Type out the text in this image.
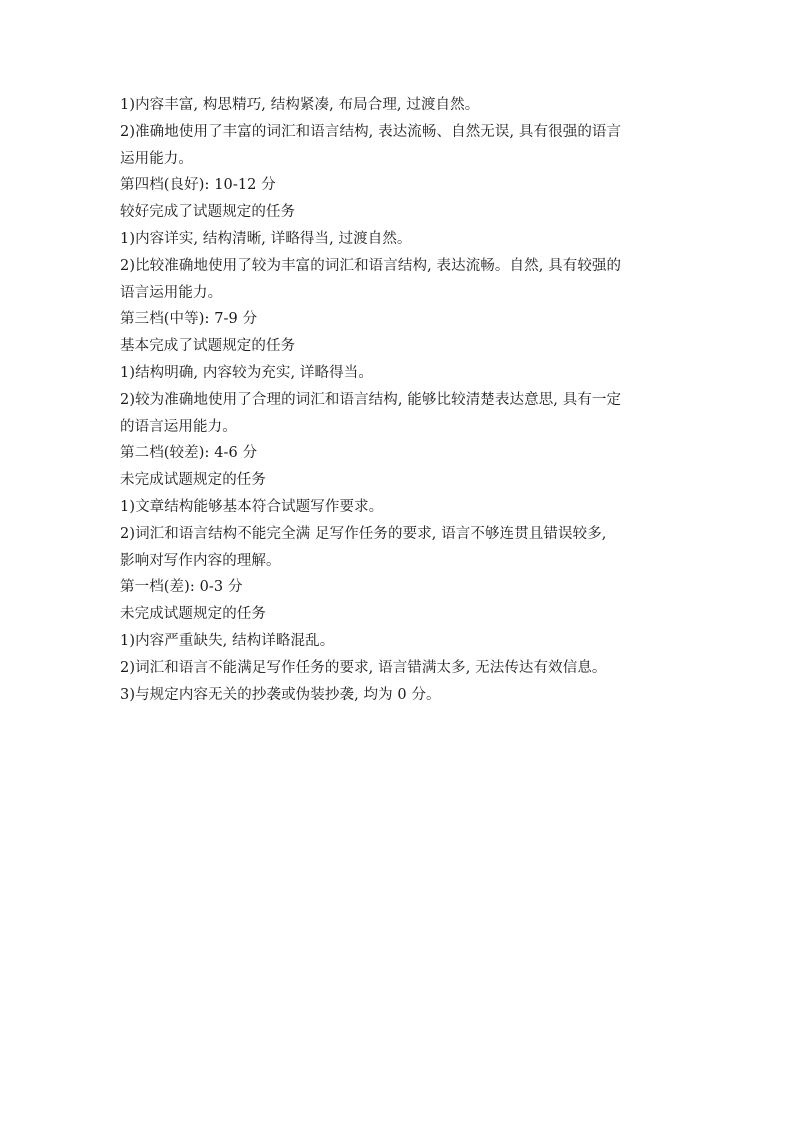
1)内容丰富, 构思精巧, 结构紧凑, 布局合理, 过渡自然。
2)准确地使用了丰富的词汇和语言结构, 表达流畅、自然无误, 具有很强的语言
运用能力。
第四档(良好): 10-12 分
较好完成了试题规定的任务
1)内容详实, 结构清晰, 详略得当, 过渡自然。
2)比较准确地使用了较为丰富的词汇和语言结构, 表达流畅。自然, 具有较强的
语言运用能力。
第三档(中等): 7-9 分
基本完成了试题规定的任务
1)结构明确, 内容较为充实, 详略得当。
2)较为准确地使用了合理的词汇和语言结构, 能够比较清楚表达意思, 具有一定
的语言运用能力。
第二档(较差): 4-6 分
未完成试题规定的任务
1)文章结构能够基本符合试题写作要求。
2)词汇和语言结构不能完全满 足写作任务的要求, 语言不够连贯且错误较多,
影响对写作内容的理解。
第一档(差): 0-3 分
未完成试题规定的任务
1)内容严重缺失, 结构详略混乱。
2)词汇和语言不能满足写作任务的要求, 语言错满太多, 无法传达有效信息。
3)与规定内容无关的抄袭或伪装抄袭, 均为 0 分。
